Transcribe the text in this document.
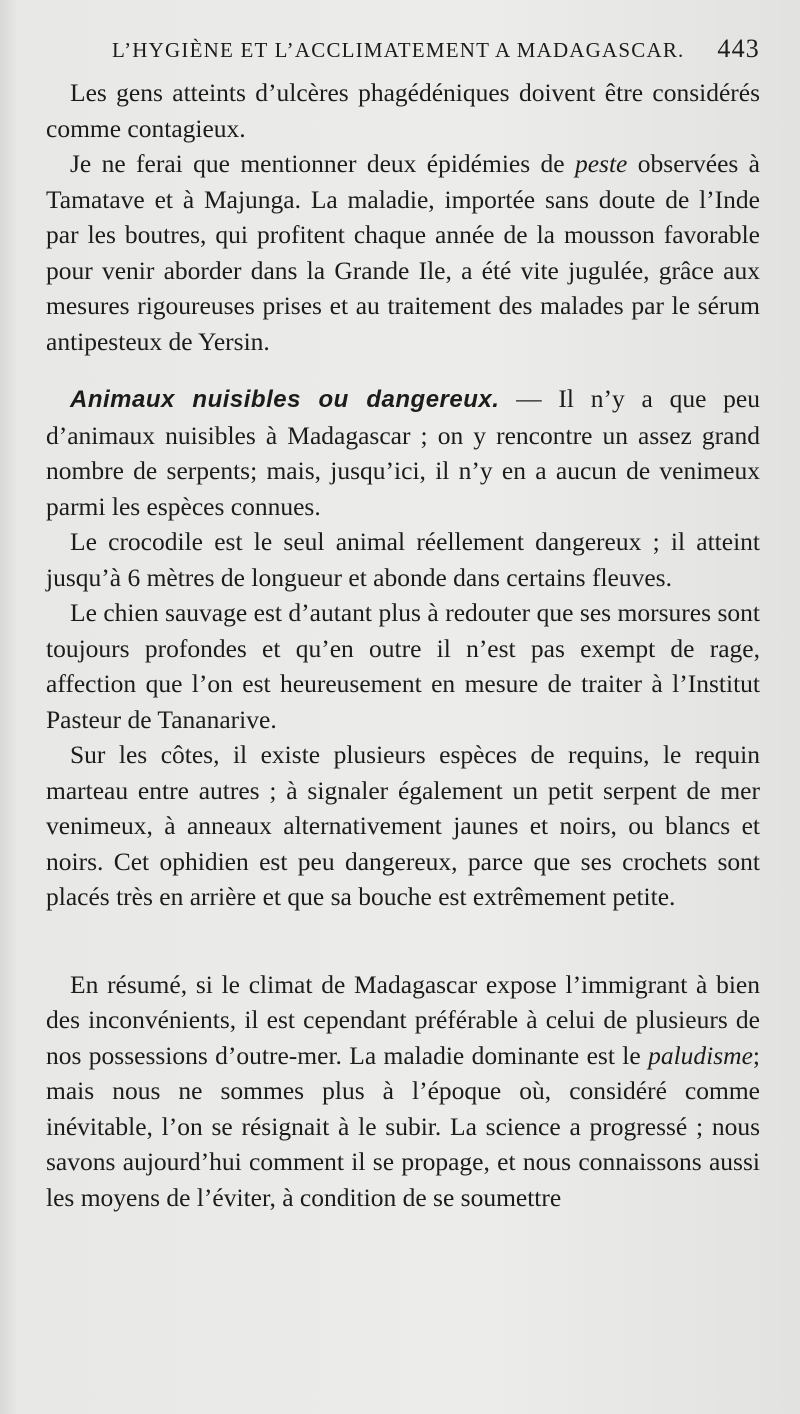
L’HYGIÈNE ET L’ACCLIMATEMENT A MADAGASCAR. 443

Les gens atteints d’ulcères phagédéniques doivent être considérés comme contagieux.

Je ne ferai que mentionner deux épidémies de peste observées à Tamatave et à Majunga. La maladie, importée sans doute de l’Inde par les boutres, qui profitent chaque année de la mousson favorable pour venir aborder dans la Grande Ile, a été vite jugulée, grâce aux mesures rigoureuses prises et au traitement des malades par le sérum antipesteux de Yersin.

Animaux nuisibles ou dangereux. — Il n’y a que peu d’animaux nuisibles à Madagascar ; on y rencontre un assez grand nombre de serpents; mais, jusqu’ici, il n’y en a aucun de venimeux parmi les espèces connues.

Le crocodile est le seul animal réellement dangereux ; il atteint jusqu’à 6 mètres de longueur et abonde dans certains fleuves.

Le chien sauvage est d’autant plus à redouter que ses morsures sont toujours profondes et qu’en outre il n’est pas exempt de rage, affection que l’on est heureusement en mesure de traiter à l’Institut Pasteur de Tananarive.

Sur les côtes, il existe plusieurs espèces de requins, le requin marteau entre autres ; à signaler également un petit serpent de mer venimeux, à anneaux alternativement jaunes et noirs, ou blancs et noirs. Cet ophidien est peu dangereux, parce que ses crochets sont placés très en arrière et que sa bouche est extrêmement petite.

En résumé, si le climat de Madagascar expose l’immigrant à bien des inconvénients, il est cependant préférable à celui de plusieurs de nos possessions d’outre-mer. La maladie dominante est le paludisme; mais nous ne sommes plus à l’époque où, considéré comme inévitable, l’on se résignait à le subir. La science a progressé ; nous savons aujourd’hui comment il se propage, et nous connaissons aussi les moyens de l’éviter, à condition de se soumettre
